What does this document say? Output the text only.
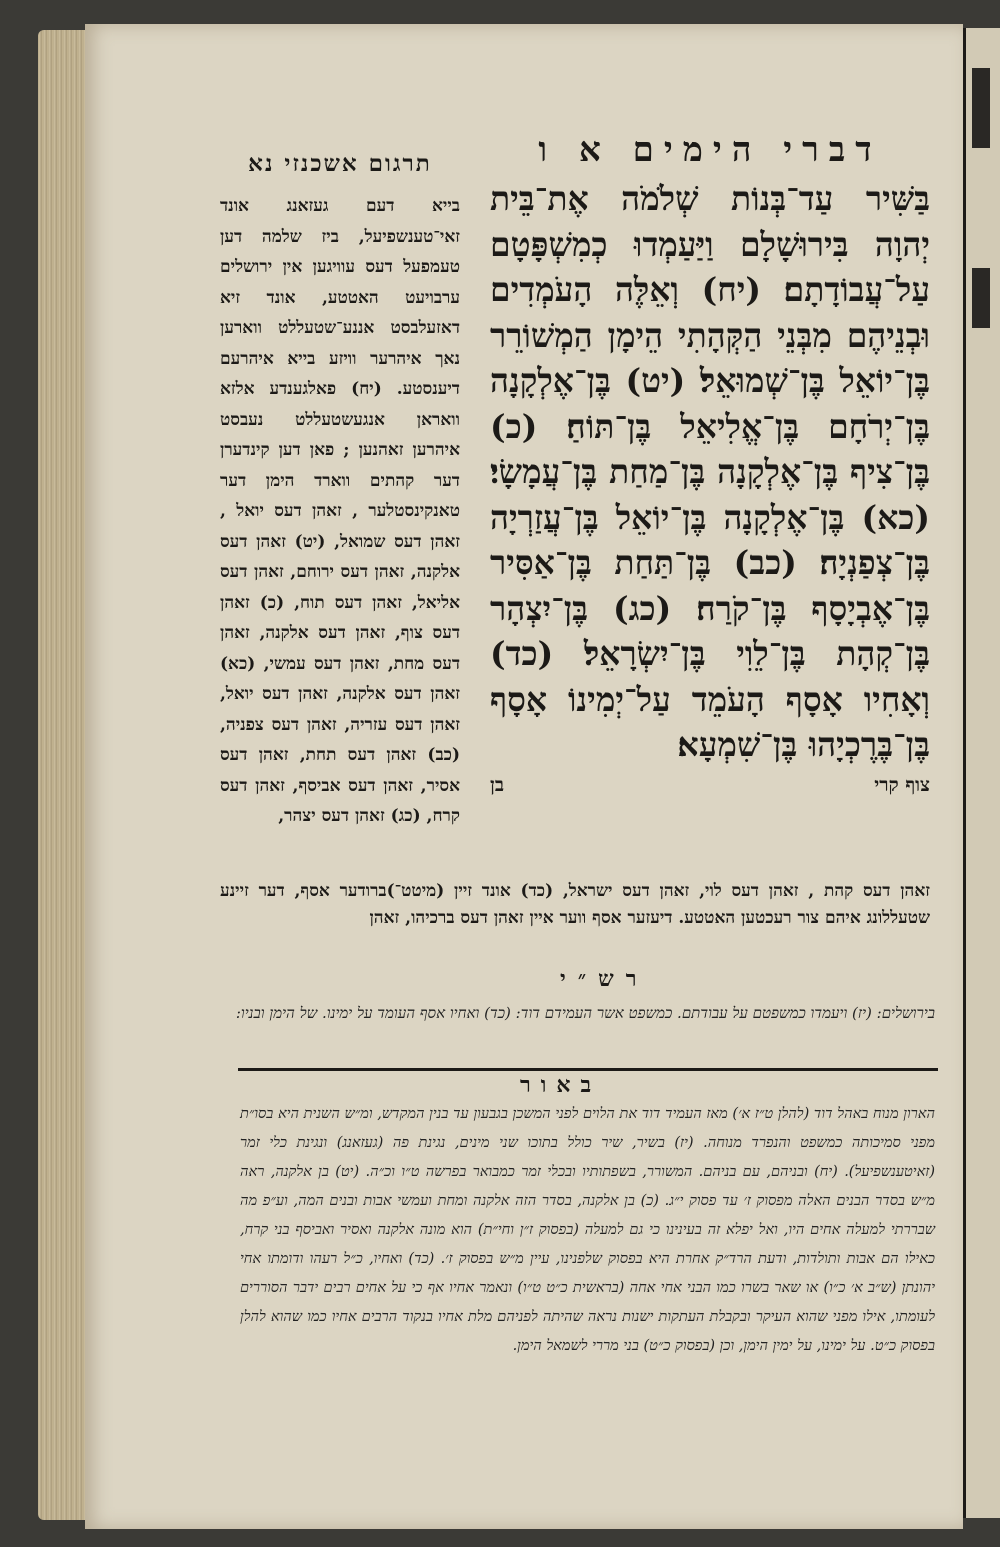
דברי הימים א ו

בַּשִּׁיר עַד־בְּנוֹת שְׁלֹמֹה אֶת־בֵּית יְהוָה בִּירוּשָׁלָם וַיַּעַמְדוּ כְמִשְׁפָּטָם עַל־עֲבוֹדָתָם׃ (יח) וְאֵלֶּה הָעֹמְדִים וּבְנֵיהֶם מִבְּנֵי הַקְּהָתִי הֵימָן הַמְשׁוֹרֵר בֶּן־יוֹאֵל בֶּן־שְׁמוּאֵל׃ (יט) בֶּן־אֶלְקָנָה בֶּן־יְרֹחָם בֶּן־אֱלִיאֵל בֶּן־תּוֹחַ׃ (כ) בֶּן־צִיף בֶּן־אֶלְקָנָה בֶּן־מַחַת בֶּן־עֲמָשָׂי׃ (כא) בֶּן־אֶלְקָנָה בֶּן־יוֹאֵל בֶּן־עֲזַרְיָה בֶּן־צְפַנְיָה׃ (כב) בֶּן־תַּחַת בֶּן־אַסִּיר בֶּן־אֶבְיָסָף בֶּן־קֹרַח׃ (כג) בֶּן־יִצְהָר בֶּן־קְהָת בֶּן־לֵוִי בֶּן־יִשְׂרָאֵל׃ (כד) וְאָחִיו אָסָף הָעֹמֵד עַל־יְמִינוֹ אָסָף בֶּן־בֶּרֶכְיָהוּ בֶּן־שִׁמְעָא׃

צוף קרי
בן
תרגום אשכנזי נא

בייא דעם געזאנג אונד זאי־טענשפיעל, ביז שלמה דען טעמפעל דעס עוויגען אין ירושלים ערבויעט האטטע, אונד זיא דאזעלבסט אננע־שטעללט ווארען נאך איהרער וויזע בייא איהרעם דיענסטע. (יח) פאלגענדע אלזא וואראן אנגעשטעללט נעבסט איהרען זאהנען ; פאן דען קינדערן דער קהתים ווארד הימן דער טאנקינסטלער , זאהן דעס יואל , זאהן דעס שמואל, (יט) זאהן דעס אלקנה, זאהן דעס ירוחם, זאהן דעס אליאל, זאהן דעס תוח, (כ) זאהן דעס צוף, זאהן דעס אלקנה, זאהן דעס מחת, זאהן דעס עמשי, (כא) זאהן דעס אלקנה, זאהן דעס יואל, זאהן דעס עזריה, זאהן דעס צפניה, (כב) זאהן דעס תחת, זאהן דעס אסיר, זאהן דעס אביסף, זאהן דעס קרח, (כג) זאהן דעס יצהר,

זאהן דעס קהת , זאהן דעס לוי, זאהן דעס ישראל, (כד) אונד זיין (מיטט־)ברודער אסף, דער זיינע שטעללונג איהם צור רעכטען האטטע. דיעזער אסף ווער איין זאהן דעס ברכיהו, זאהן

רש״י

בירושלים: (יז) ויעמדו כמשפטם על עבודתם. כמשפט אשר העמידם דוד: (כד) ואחיו אסף העומד על ימינו. של הימן ובניו:

באור

הארון מנוח באהל דוד (להלן ט״ז א׳) מאז העמיד דוד את הלוים לפני המשכן בגבעון עד בנין המקדש, ומ״ש השנית היא בסו״ת מפני סמיכותה כמשפט והנפרד מנוחה. (יז) בשיר, שיר כולל בתוכו שני מינים, נגינת פה (געזאנג) ונגינת כלי זמר (זאיטענשפיעל). (יח) ובניהם, עם בניהם. המשורר, בשפתותיו ובכלי זמר כמבואר בפרשה ט״ו וכ״ה. (יט) בן אלקנה, ראה מ״ש בסדר הבנים האלה מפסוק ז׳ עד פסוק י״ג. (כ) בן אלקנה, בסדר הזה אלקנה ומחת ועמשי אבות ובנים המה, וע״פ מה שבררתי למעלה אחים היו, ואל יפלא זה בעינינו כי גם למעלה (בפסוק ז״ן וחי״ת) הוא מונה אלקנה ואסיר ואביסף בני קרח, כאילו הם אבות ותולדות, ודעת הרד״ק אחרת היא בפסוק שלפנינו, עיין מ״ש בפסוק ז׳. (כד) ואחיו, כ״ל רעהו ודומתו אחי יהונתן (ש״ב א׳ כ״ו) או שאר בשרו כמו הבני אחי אחה (בראשית כ״ט ט״ו) ונאמר אחיו אף כי על אחים רבים ידבר הסוררים לעומתו, אילו מפני שהוא העיקר ובקבלת העתקות ישנות נראה שהיתה לפניהם מלת אחיו בנקוד הרבים אחיו כמו שהוא להלן בפסוק כ״ט. על ימינו, על ימין הימן, וכן (בפסוק כ״ט) בני מררי לשמאל הימן.
